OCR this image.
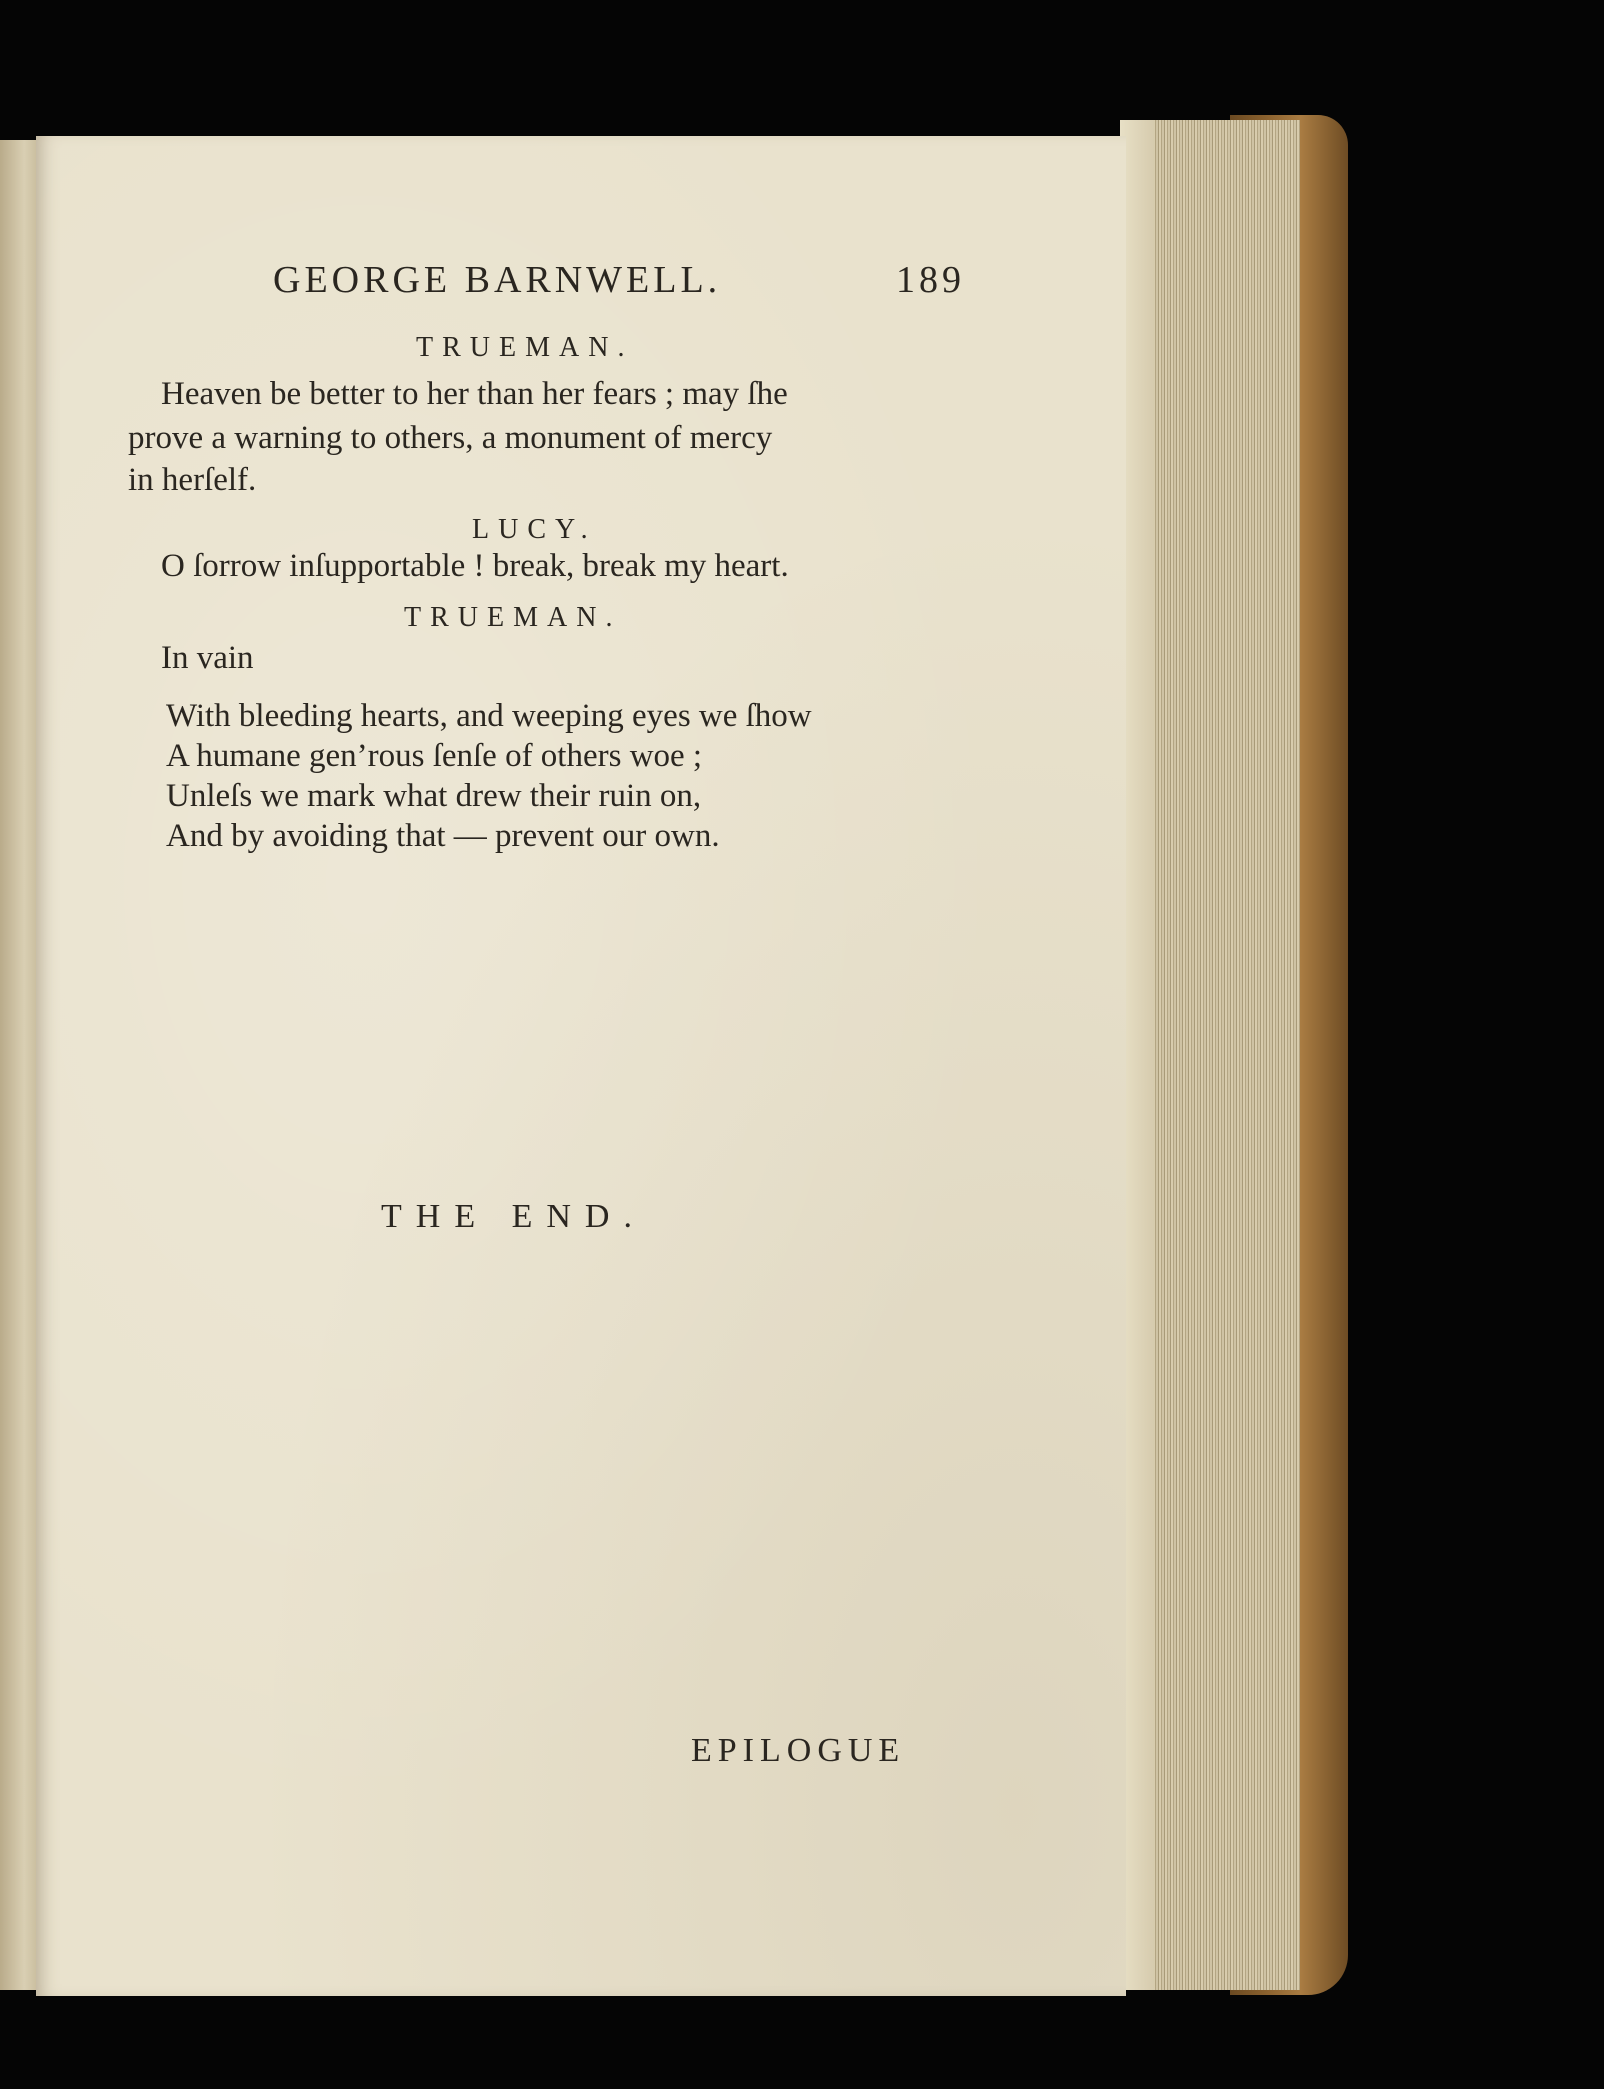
GEORGE BARNWELL.	189
TRUEMAN.
Heaven be better to her than her fears ; may ſhe
prove a warning to others, a monument of mercy
in herſelf.
LUCY.
O ſorrow inſupportable ! break, break my heart.
TRUEMAN.
In vain
With bleeding hearts, and weeping eyes we ſhow
A humane gen’rous ſenſe of others woe ;
Unleſs we mark what drew their ruin on,
And by avoiding that — prevent our own.
THE END.
EPILOGUE
